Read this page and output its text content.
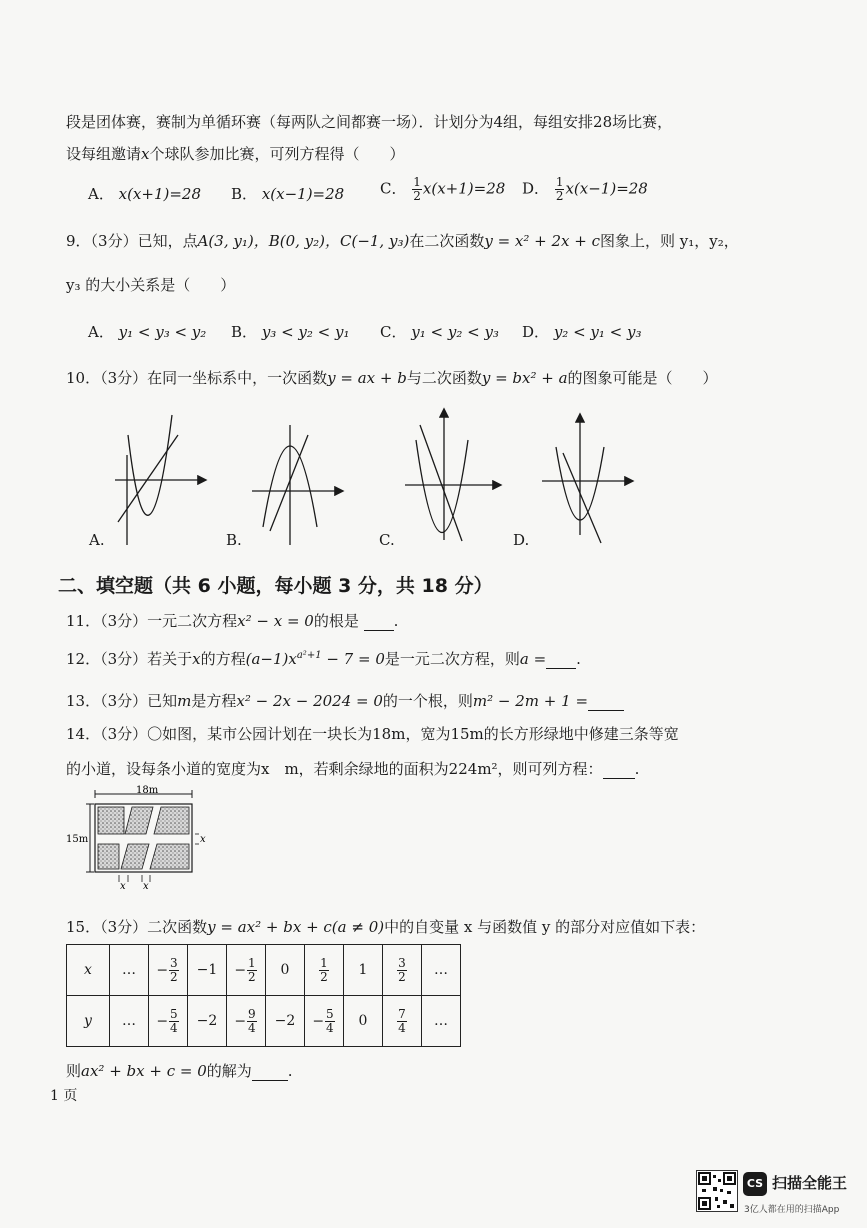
段是团体赛，赛制为单循环赛（每两队之间都赛一场）．计划分为4组，每组安排28场比赛，
设每组邀请x个球队参加比赛，可列方程得（　　）
A． x(x+1)=28 B． x(x−1)=28 C． $\frac{1}{2} x(x+1)=28$ D． $\frac{1}{2} x(x-1)=28$
9．（3分）已知，点A(3, y₁)，B(0, y₂)，C(−1, y₃)在二次函数y = x² + 2x + c图象上，则 y₁，y₂，
y₃ 的大小关系是（　　）
A． y₁ < y₃ < y₂ B． y₃ < y₂ < y₁ C． y₁ < y₂ < y₃ D． y₂ < y₁ < y₃
10．（3分）在同一坐标系中，一次函数y = ax + b与二次函数y = bx² + a的图象可能是（　　）
A.	B.	C.	D.
二、填空题（共 6 小题，每小题 3 分，共 18 分）
11．（3分）一元二次方程x² − x = 0的根是 .
12．（3分）若关于x的方程$(a-1)x^{a^2+1} - 7 = 0$是一元二次方程，则a = .
13．（3分）已知m是方程x² − 2x − 2024 = 0的一个根，则m² − 2m + 1 =
14．（3分）〇如图，某市公园计划在一块长为18m，宽为15m的长方形绿地中修建三条等宽
的小道，设每条小道的宽度为x　m，若剩余绿地的面积为224m²，则可列方程： .
18m
15m	x
x x
15．（3分）二次函数y = ax² + bx + c(a ≠ 0)中的自变量 x 与函数值 y 的部分对应值如下表：
x	…	− $\frac{3}{2}$	−1	− $\frac{1}{2}$	0	$\frac{1}{2}$	1	$\frac{3}{2}$	…
y	…	− $\frac{5}{4}$	−2	− $\frac{9}{4}$	−2	− $\frac{5}{4}$	0	$\frac{7}{4}$	…
则ax² + bx + c = 0的解为 .
1 页
CS 扫描全能王
3亿人都在用的扫描App
